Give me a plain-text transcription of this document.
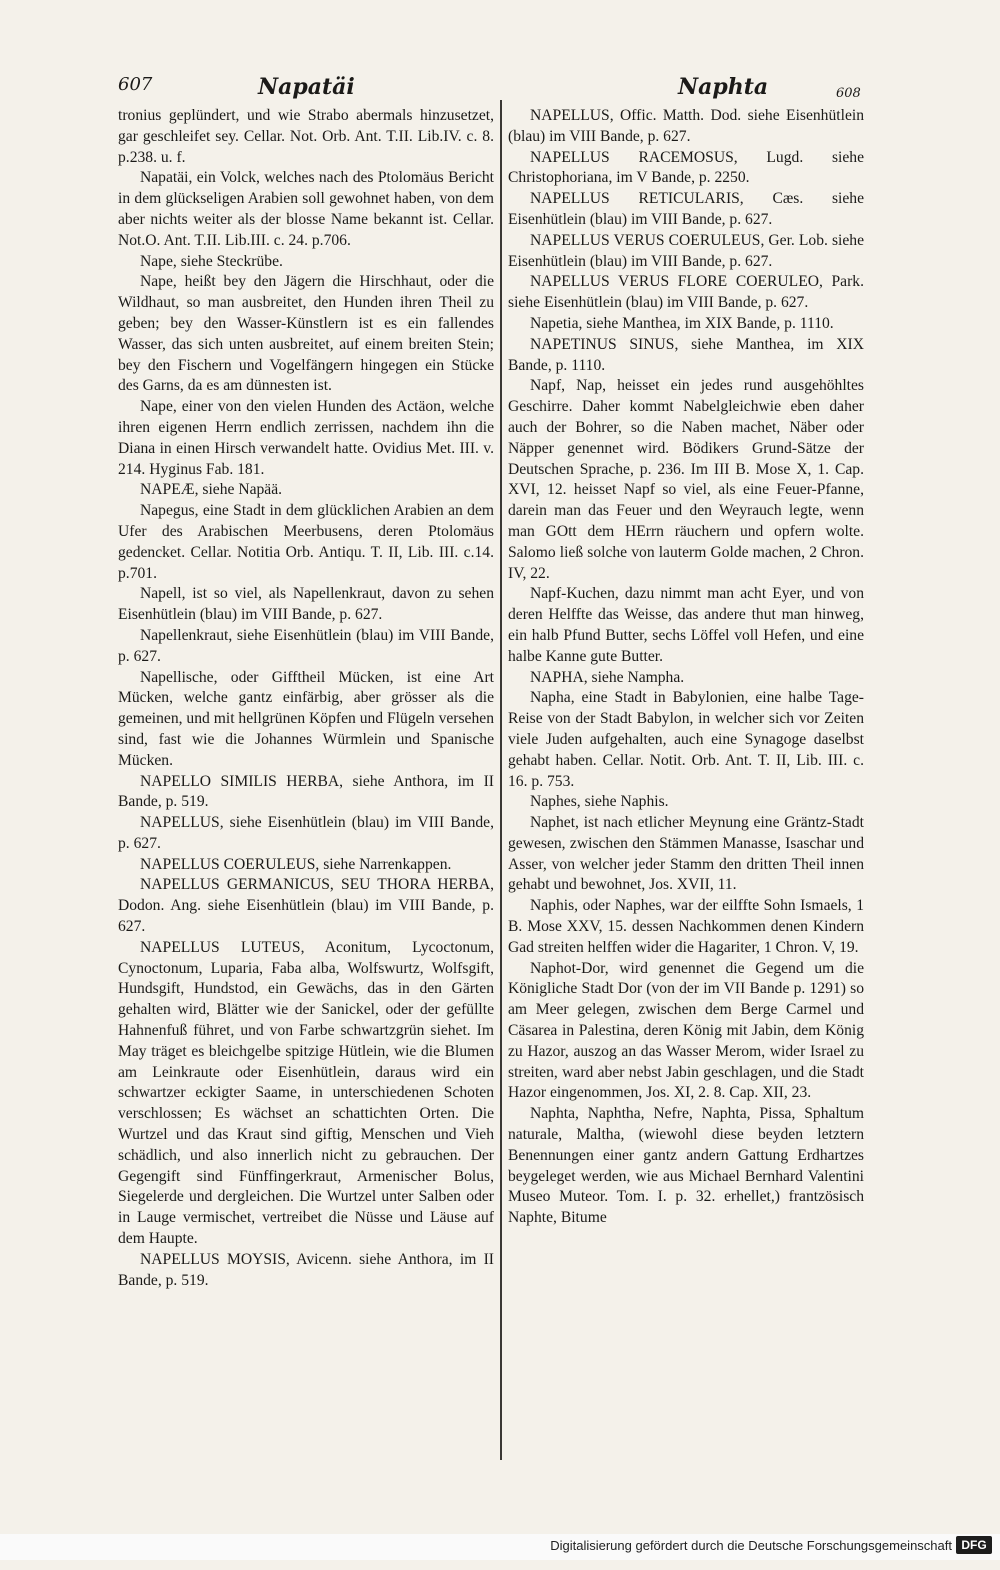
607	Napatäi	Naphta	608
tronius geplündert, und wie Strabo abermals hinzusetzet, gar geschleifet sey. Cellar. Not. Orb. Ant. T.II. Lib.IV. c. 8. p.238. u. f.
Napatäi, ein Volck, welches nach des Ptolomäus Bericht in dem glückseligen Arabien soll gewohnet haben, von dem aber nichts weiter als der blosse Name bekannt ist. Cellar. Not.O. Ant. T.II. Lib.III. c. 24. p.706.
Nape, siehe Steckrübe.
Nape, heißt bey den Jägern die Hirschhaut, oder die Wildhaut, so man ausbreitet, den Hunden ihren Theil zu geben; bey den Wasser-Künstlern ist es ein fallendes Wasser, das sich unten ausbreitet, auf einem breiten Stein; bey den Fischern und Vogelfängern hingegen ein Stücke des Garns, da es am dünnesten ist.
Nape, einer von den vielen Hunden des Actäon, welche ihren eigenen Herrn endlich zerrissen, nachdem ihn die Diana in einen Hirsch verwandelt hatte. Ovidius Met. III. v. 214. Hyginus Fab. 181.
NAPEÆ, siehe Napää.
Napegus, eine Stadt in dem glücklichen Arabien an dem Ufer des Arabischen Meerbusens, deren Ptolomäus gedencket. Cellar. Notitia Orb. Antiqu. T. II, Lib. III. c.14. p.701.
Napell, ist so viel, als Napellenkraut, davon zu sehen Eisenhütlein (blau) im VIII Bande, p. 627.
Napellenkraut, siehe Eisenhütlein (blau) im VIII Bande, p. 627.
Napellische, oder Gifftheil Mücken, ist eine Art Mücken, welche gantz einfärbig, aber grösser als die gemeinen, und mit hellgrünen Köpfen und Flügeln versehen sind, fast wie die Johannes Würmlein und Spanische Mücken.
NAPELLO SIMILIS HERBA, siehe Anthora, im II Bande, p. 519.
NAPELLUS, siehe Eisenhütlein (blau) im VIII Bande, p. 627.
NAPELLUS COERULEUS, siehe Narrenkappen.
NAPELLUS GERMANICUS, SEU THORA HERBA, Dodon. Ang. siehe Eisenhütlein (blau) im VIII Bande, p. 627.
NAPELLUS LUTEUS, Aconitum, Lycoctonum, Cynoctonum, Luparia, Faba alba, Wolfswurtz, Wolfsgift, Hundsgift, Hundstod, ein Gewächs, das in den Gärten gehalten wird, Blätter wie der Sanickel, oder der gefüllte Hahnenfuß führet, und von Farbe schwartzgrün siehet. Im May träget es bleichgelbe spitzige Hütlein, wie die Blumen am Leinkraute oder Eisenhütlein, daraus wird ein schwartzer eckigter Saame, in unterschiedenen Schoten verschlossen; Es wächset an schattichten Orten. Die Wurtzel und das Kraut sind giftig, Menschen und Vieh schädlich, und also innerlich nicht zu gebrauchen. Der Gegengift sind Fünffingerkraut, Armenischer Bolus, Siegelerde und dergleichen. Die Wurtzel unter Salben oder in Lauge vermischet, vertreibet die Nüsse und Läuse auf dem Haupte.
NAPELLUS MOYSIS, Avicenn. siehe Anthora, im II Bande, p. 519.
NAPELLUS, Offic. Matth. Dod. siehe Eisenhütlein (blau) im VIII Bande, p. 627.
NAPELLUS RACEMOSUS, Lugd. siehe Christophoriana, im V Bande, p. 2250.
NAPELLUS RETICULARIS, Cæs. siehe Eisenhütlein (blau) im VIII Bande, p. 627.
NAPELLUS VERUS COERULEUS, Ger. Lob. siehe Eisenhütlein (blau) im VIII Bande, p. 627.
NAPELLUS VERUS FLORE COERULEO, Park. siehe Eisenhütlein (blau) im VIII Bande, p. 627.
Napetia, siehe Manthea, im XIX Bande, p. 1110.
NAPETINUS SINUS, siehe Manthea, im XIX Bande, p. 1110.
Napf, Nap, heisset ein jedes rund ausgehöhltes Geschirre. Daher kommt Nabelgleichwie eben daher auch der Bohrer, so die Naben machet, Näber oder Näpper genennet wird. Bödikers Grund-Sätze der Deutschen Sprache, p. 236. Im III B. Mose X, 1. Cap. XVI, 12. heisset Napf so viel, als eine Feuer-Pfanne, darein man das Feuer und den Weyrauch legte, wenn man GOtt dem HErrn räuchern und opfern wolte. Salomo ließ solche von lauterm Golde machen, 2 Chron. IV, 22.
Napf-Kuchen, dazu nimmt man acht Eyer, und von deren Helffte das Weisse, das andere thut man hinweg, ein halb Pfund Butter, sechs Löffel voll Hefen, und eine halbe Kanne gute Butter.
NAPHA, siehe Nampha.
Napha, eine Stadt in Babylonien, eine halbe Tage-Reise von der Stadt Babylon, in welcher sich vor Zeiten viele Juden aufgehalten, auch eine Synagoge daselbst gehabt haben. Cellar. Notit. Orb. Ant. T. II, Lib. III. c. 16. p. 753.
Naphes, siehe Naphis.
Naphet, ist nach etlicher Meynung eine Gräntz-Stadt gewesen, zwischen den Stämmen Manasse, Isaschar und Asser, von welcher jeder Stamm den dritten Theil innen gehabt und bewohnet, Jos. XVII, 11.
Naphis, oder Naphes, war der eilffte Sohn Ismaels, 1 B. Mose XXV, 15. dessen Nachkommen denen Kindern Gad streiten helffen wider die Hagariter, 1 Chron. V, 19.
Naphot-Dor, wird genennet die Gegend um die Königliche Stadt Dor (von der im VII Bande p. 1291) so am Meer gelegen, zwischen dem Berge Carmel und Cäsarea in Palestina, deren König mit Jabin, dem König zu Hazor, auszog an das Wasser Merom, wider Israel zu streiten, ward aber nebst Jabin geschlagen, und die Stadt Hazor eingenommen, Jos. XI, 2. 8. Cap. XII, 23.
Naphta, Naphtha, Nefre, Naphta, Pissa, Sphaltum naturale, Maltha, (wiewohl diese beyden letztern Benennungen einer gantz andern Gattung Erdhartzes beygeleget werden, wie aus Michael Bernhard Valentini Museo Muteor. Tom. I. p. 32. erhellet,) frantzösisch Naphte, Bitume
Digitalisierung gefördert durch die Deutsche Forschungsgemeinschaft DFG
